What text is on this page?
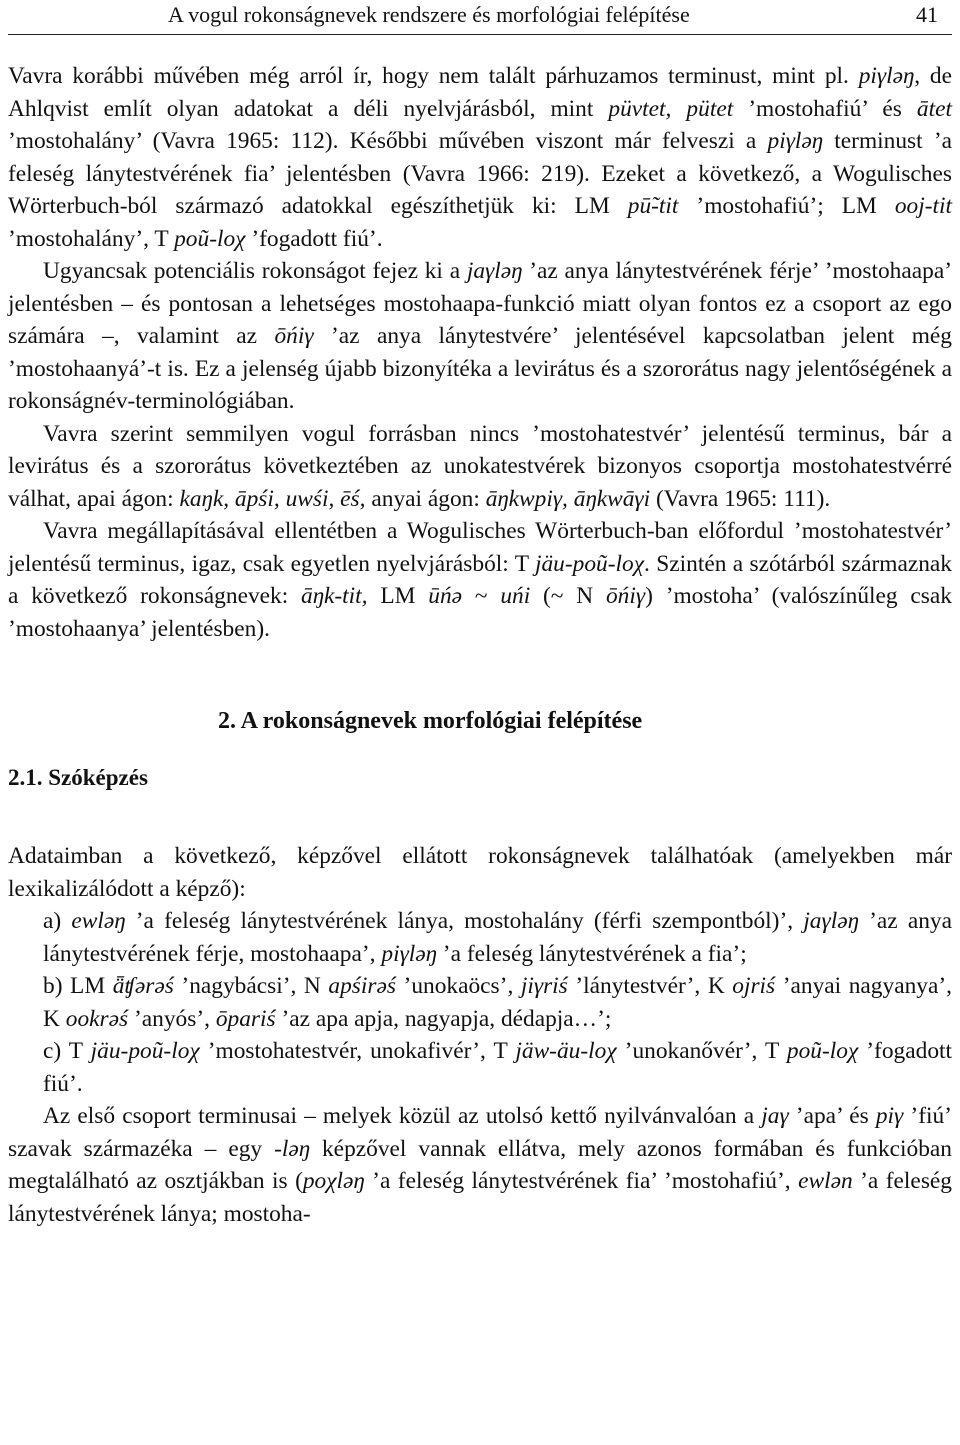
A vogul rokonságnevek rendszere és morfológiai felépítése	41

Vavra korábbi művében még arról ír, hogy nem talált párhuzamos terminust, mint pl. piγləŋ, de Ahlqvist említ olyan adatokat a déli nyelvjárásból, mint püvtet, pütet ’mostohafiú’ és ātet ’mostohalány’ (Vavra 1965: 112). Későbbi művében viszont már felveszi a piγləŋ terminust ’a feleség lánytestvérének fia’ jelentésben (Vavra 1966: 219). Ezeket a következő, a Wogulisches Wörterbuch-ból származó adatokkal egészíthetjük ki: LM pū̃-tit ’mostohafiú’; LM ooj-tit ’mostohalány’, T poũ-loχ ’fogadott fiú’.

Ugyancsak potenciális rokonságot fejez ki a jaγləŋ ’az anya lánytestvérének férje’ ’mostohaapa’ jelentésben – és pontosan a lehetséges mostohaapa-funkció miatt olyan fontos ez a csoport az ego számára –, valamint az ōńiγ ’az anya lánytestvére’ jelentésével kapcsolatban jelent még ’mostohaanyá’-t is. Ez a jelenség újabb bizonyítéka a levirátus és a szororátus nagy jelentőségének a rokonságnév-terminológiában.

Vavra szerint semmilyen vogul forrásban nincs ’mostohatestvér’ jelentésű terminus, bár a levirátus és a szororátus következtében az unokatestvérek bizonyos csoportja mostohatestvérré válhat, apai ágon: kaŋk, āpśi, uwśi, ēś, anyai ágon: āŋkwpiγ, āŋkwāγi (Vavra 1965: 111).

Vavra megállapításával ellentétben a Wogulisches Wörterbuch-ban előfordul ’mostohatestvér’ jelentésű terminus, igaz, csak egyetlen nyelvjárásból: T jäu-poũ-loχ. Szintén a szótárból származnak a következő rokonságnevek: āŋk-tit, LM ūńə ~ uńi (~ N ōńiγ) ’mostoha’ (valószínűleg csak ’mostohaanya’ jelentésben).

2. A rokonságnevek morfológiai felépítése

2.1. Szóképzés

Adataimban a következő, képzővel ellátott rokonságnevek találhatóak (amelyekben már lexikalizálódott a képző):

a) ewləŋ ’a feleség lánytestvérének lánya, mostohalány (férfi szempontból)’, jaγləŋ ’az anya lánytestvérének férje, mostohaapa’, piγləŋ ’a feleség lánytestvérének a fia’;

b) LM ǟʧərəś ’nagybácsi’, N apśirəś ’unokaöcs’, jiγriś ’lánytestvér’, K ojriś ’anyai nagyanya’, K ookrəś ’anyós’, ōpariś ’az apa apja, nagyapja, dédapja…’;

c) T jäu-poũ-loχ ’mostohatestvér, unokafivér’, T jäw-äu-loχ ’unokanővér’, T poũ-loχ ’fogadott fiú’.

Az első csoport terminusai – melyek közül az utolsó kettő nyilvánvalóan a jaγ ’apa’ és piγ ’fiú’ szavak származéka – egy -ləŋ képzővel vannak ellátva, mely azonos formában és funkcióban megtalálható az osztjákban is (poχləŋ ’a feleség lánytestvérének fia’ ’mostohafiú’, ewlən ’a feleség lánytestvérének lánya; mostoha-
